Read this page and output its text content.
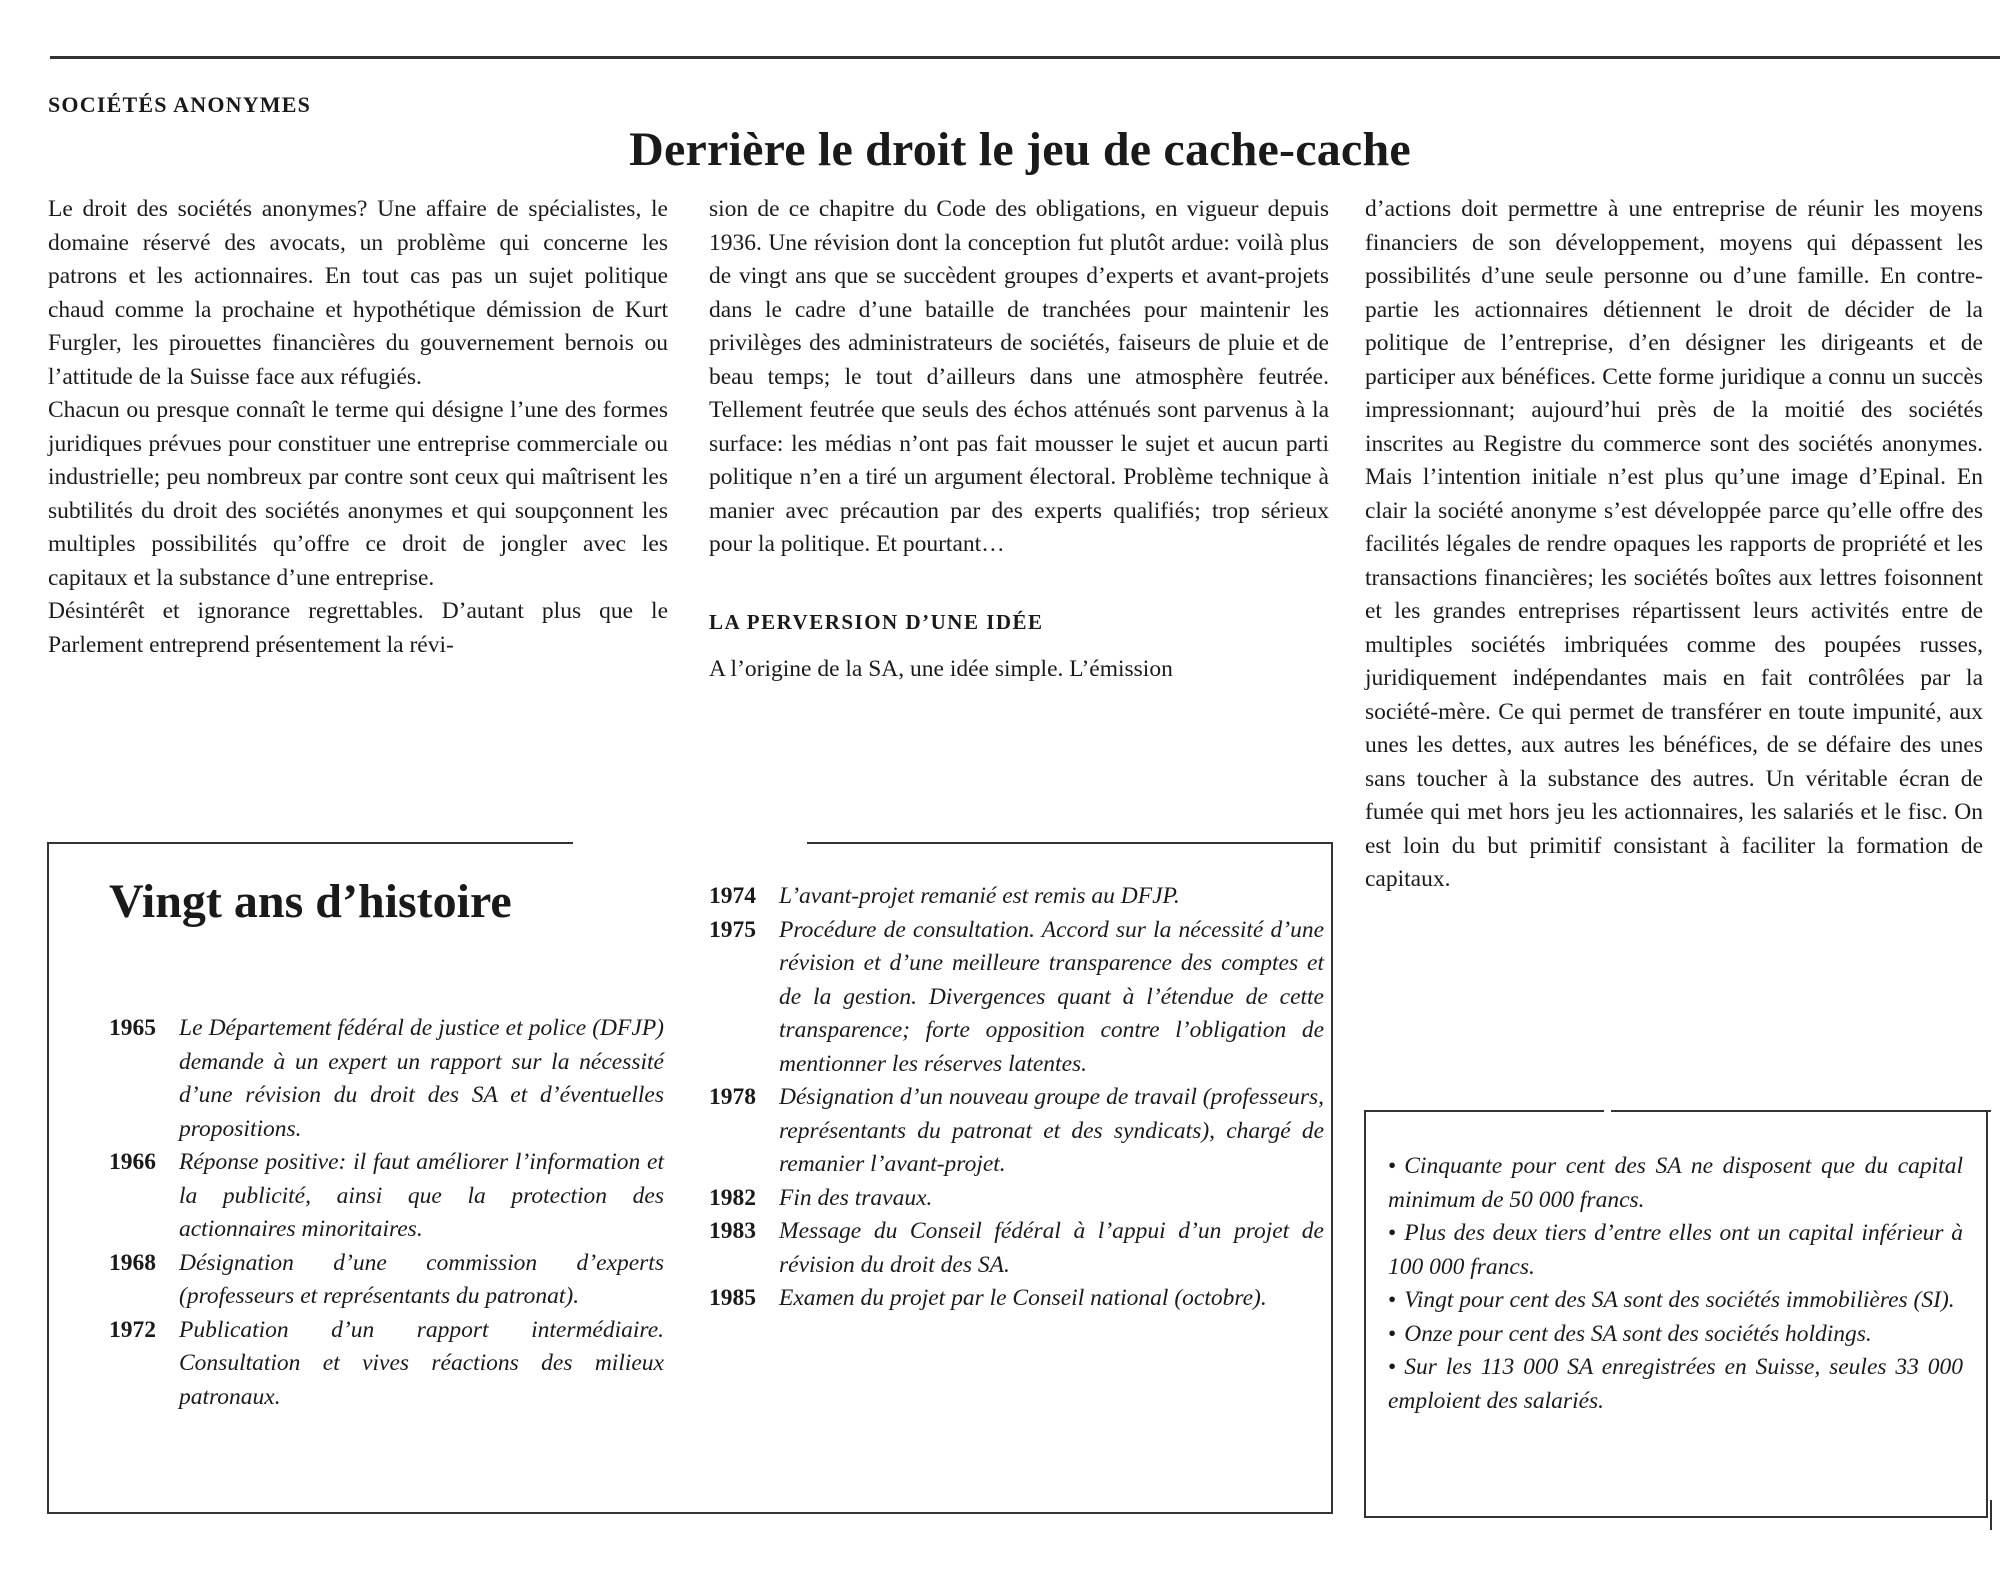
SOCIÉTÉS ANONYMES
Derrière le droit le jeu de cache-cache

Le droit des sociétés anonymes? Une affaire de spécialistes, le domaine réservé des avocats, un problème qui concerne les patrons et les actionnaires. En tout cas pas un sujet politique chaud comme la prochaine et hypothétique démission de Kurt Furgler, les pirouettes financières du gouvernement bernois ou l’attitude de la Suisse face aux réfugiés.

Chacun ou presque connaît le terme qui désigne l’une des formes juridiques prévues pour constituer une entreprise commerciale ou industrielle; peu nombreux par contre sont ceux qui maîtrisent les subtilités du droit des sociétés anonymes et qui soupçonnent les multiples possibilités qu’offre ce droit de jongler avec les capitaux et la substance d’une entreprise.

Désintérêt et ignorance regrettables. D’autant plus que le Parlement entreprend présentement la révi-

sion de ce chapitre du Code des obligations, en vigueur depuis 1936. Une révision dont la conception fut plutôt ardue: voilà plus de vingt ans que se succèdent groupes d’experts et avant-projets dans le cadre d’une bataille de tranchées pour maintenir les privilèges des administrateurs de sociétés, faiseurs de pluie et de beau temps; le tout d’ailleurs dans une atmosphère feutrée. Tellement feutrée que seuls des échos atténués sont parvenus à la surface: les médias n’ont pas fait mousser le sujet et aucun parti politique n’en a tiré un argument électoral. Problème technique à manier avec précaution par des experts qualifiés; trop sérieux pour la politique. Et pourtant…

LA PERVERSION D’UNE IDÉE

A l’origine de la SA, une idée simple. L’émission

d’actions doit permettre à une entreprise de réunir les moyens financiers de son développement, moyens qui dépassent les possibilités d’une seule personne ou d’une famille. En contre-partie les actionnaires détiennent le droit de décider de la politique de l’entreprise, d’en désigner les dirigeants et de participer aux bénéfices. Cette forme juridique a connu un succès impressionnant; aujourd’hui près de la moitié des sociétés inscrites au Registre du commerce sont des sociétés anonymes. Mais l’intention initiale n’est plus qu’une image d’Epinal. En clair la société anonyme s’est développée parce qu’elle offre des facilités légales de rendre opaques les rapports de propriété et les transactions financières; les sociétés boîtes aux lettres foisonnent et les grandes entreprises répartissent leurs activités entre de multiples sociétés imbriquées comme des poupées russes, juridiquement indépendantes mais en fait contrôlées par la société-mère. Ce qui permet de transférer en toute impunité, aux unes les dettes, aux autres les bénéfices, de se défaire des unes sans toucher à la substance des autres. Un véritable écran de fumée qui met hors jeu les actionnaires, les salariés et le fisc. On est loin du but primitif consistant à faciliter la formation de capitaux.

Vingt ans d’histoire
1965 Le Département fédéral de justice et police (DFJP) demande à un expert un rapport sur la nécessité d’une révision du droit des SA et d’éventuelles propositions.
1966 Réponse positive: il faut améliorer l’information et la publicité, ainsi que la protection des actionnaires minoritaires.
1968 Désignation d’une commission d’experts (professeurs et représentants du patronat).
1972 Publication d’un rapport intermédiaire. Consultation et vives réactions des milieux patronaux.
1974 L’avant-projet remanié est remis au DFJP.
1975 Procédure de consultation. Accord sur la nécessité d’une révision et d’une meilleure transparence des comptes et de la gestion. Divergences quant à l’étendue de cette transparence; forte opposition contre l’obligation de mentionner les réserves latentes.
1978 Désignation d’un nouveau groupe de travail (professeurs, représentants du patronat et des syndicats), chargé de remanier l’avant-projet.
1982 Fin des travaux.
1983 Message du Conseil fédéral à l’appui d’un projet de révision du droit des SA.
1985 Examen du projet par le Conseil national (octobre).
• Cinquante pour cent des SA ne disposent que du capital minimum de 50 000 francs.
• Plus des deux tiers d’entre elles ont un capital inférieur à 100 000 francs.
• Vingt pour cent des SA sont des sociétés immobilières (SI).
• Onze pour cent des SA sont des sociétés holdings.
• Sur les 113 000 SA enregistrées en Suisse, seules 33 000 emploient des salariés.
